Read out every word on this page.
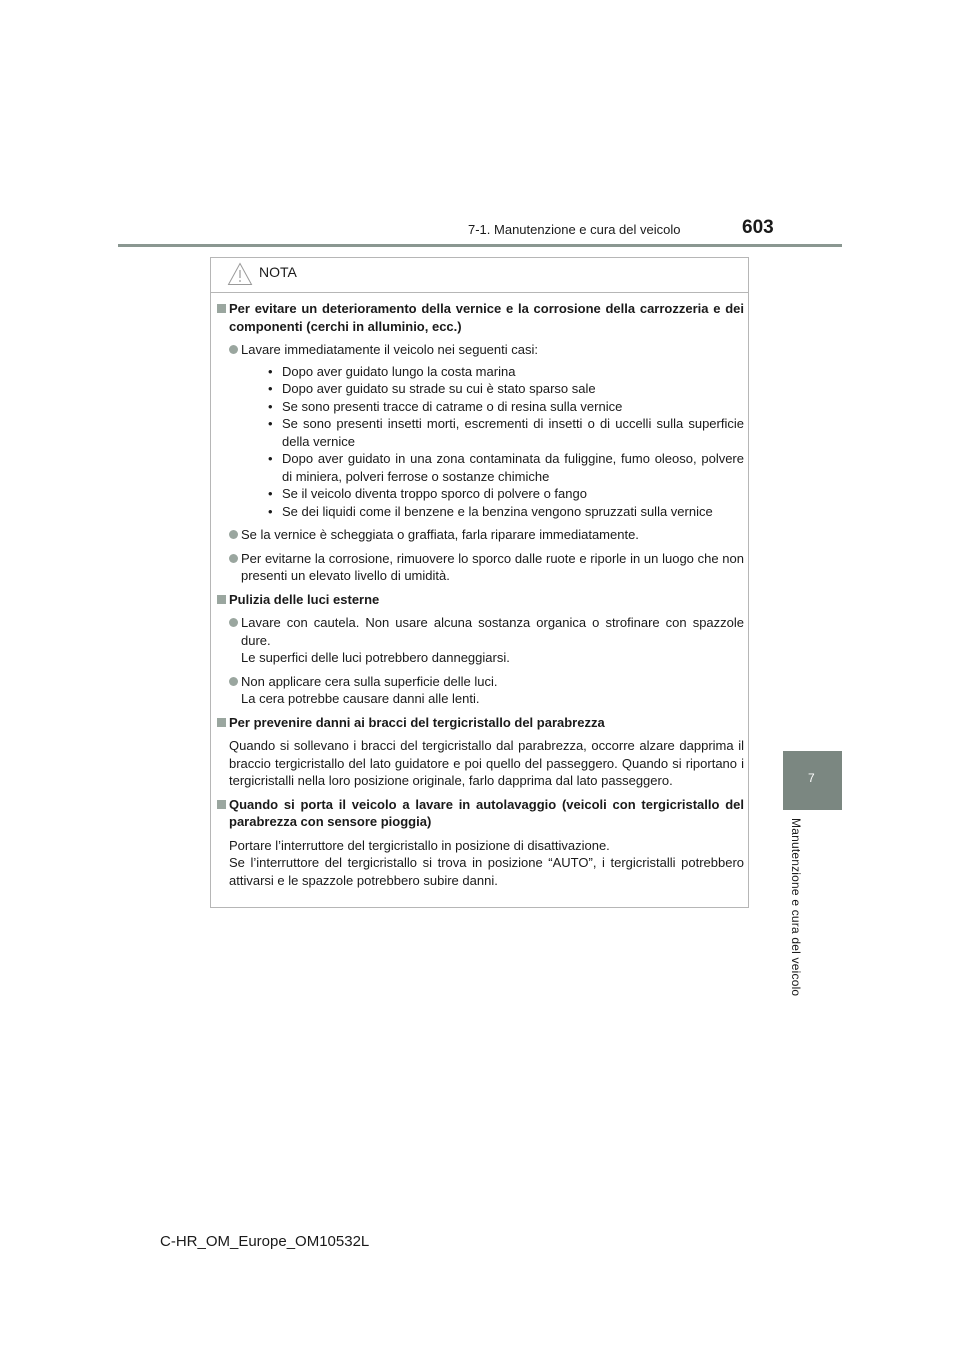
7-1. Manutenzione e cura del veicolo	603
7
Manutenzione e cura del veicolo
NOTA
Per evitare un deterioramento della vernice e la corrosione della carrozzeria e dei componenti (cerchi in alluminio, ecc.)
Lavare immediatamente il veicolo nei seguenti casi:
• Dopo aver guidato lungo la costa marina
• Dopo aver guidato su strade su cui è stato sparso sale
• Se sono presenti tracce di catrame o di resina sulla vernice
• Se sono presenti insetti morti, escrementi di insetti o di uccelli sulla superficie della vernice
• Dopo aver guidato in una zona contaminata da fuliggine, fumo oleoso, polvere di miniera, polveri ferrose o sostanze chimiche
• Se il veicolo diventa troppo sporco di polvere o fango
• Se dei liquidi come il benzene e la benzina vengono spruzzati sulla vernice
Se la vernice è scheggiata o graffiata, farla riparare immediatamente.
Per evitarne la corrosione, rimuovere lo sporco dalle ruote e riporle in un luogo che non presenti un elevato livello di umidità.
Pulizia delle luci esterne
Lavare con cautela. Non usare alcuna sostanza organica o strofinare con spazzole dure.
Le superfici delle luci potrebbero danneggiarsi.
Non applicare cera sulla superficie delle luci.
La cera potrebbe causare danni alle lenti.
Per prevenire danni ai bracci del tergicristallo del parabrezza
Quando si sollevano i bracci del tergicristallo dal parabrezza, occorre alzare dapprima il braccio tergicristallo del lato guidatore e poi quello del passeggero. Quando si riportano i tergicristalli nella loro posizione originale, farlo dapprima dal lato passeggero.
Quando si porta il veicolo a lavare in autolavaggio (veicoli con tergicristallo del parabrezza con sensore pioggia)
Portare l’interruttore del tergicristallo in posizione di disattivazione.
Se l’interruttore del tergicristallo si trova in posizione “AUTO”, i tergicristalli potrebbero attivarsi e le spazzole potrebbero subire danni.
C-HR_OM_Europe_OM10532L
